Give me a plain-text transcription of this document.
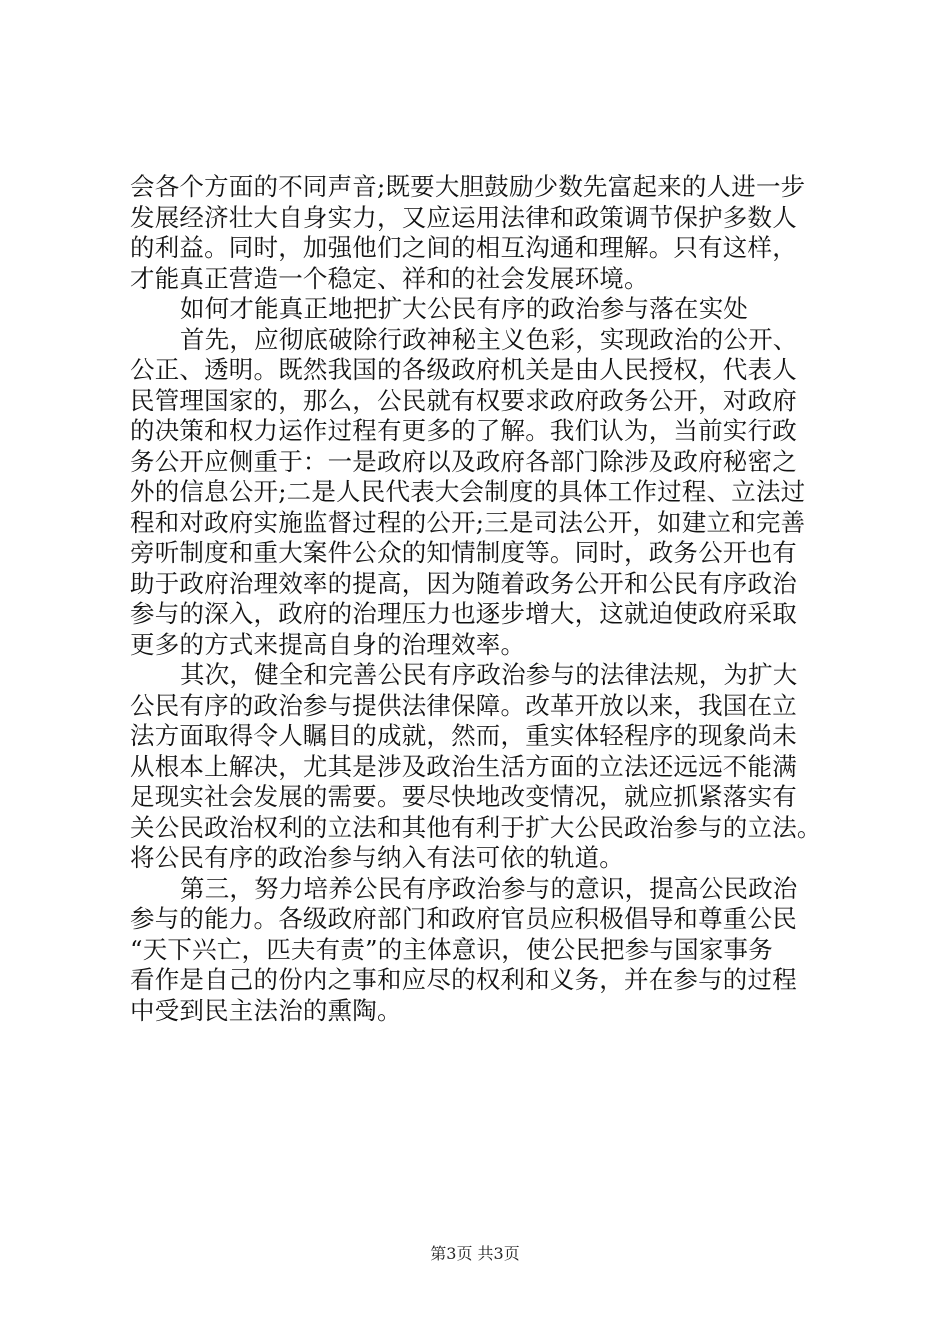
会各个方面的不同声音;既要大胆鼓励少数先富起来的人进一步
发展经济壮大自身实力，又应运用法律和政策调节保护多数人
的利益。同时，加强他们之间的相互沟通和理解。只有这样，
才能真正营造一个稳定、祥和的社会发展环境。
如何才能真正地把扩大公民有序的政治参与落在实处
首先，应彻底破除行政神秘主义色彩，实现政治的公开、
公正、透明。既然我国的各级政府机关是由人民授权，代表人
民管理国家的，那么，公民就有权要求政府政务公开，对政府
的决策和权力运作过程有更多的了解。我们认为，当前实行政
务公开应侧重于：一是政府以及政府各部门除涉及政府秘密之
外的信息公开;二是人民代表大会制度的具体工作过程、立法过
程和对政府实施监督过程的公开;三是司法公开，如建立和完善
旁听制度和重大案件公众的知情制度等。同时，政务公开也有
助于政府治理效率的提高，因为随着政务公开和公民有序政治
参与的深入，政府的治理压力也逐步增大，这就迫使政府采取
更多的方式来提高自身的治理效率。
其次，健全和完善公民有序政治参与的法律法规，为扩大
公民有序的政治参与提供法律保障。改革开放以来，我国在立
法方面取得令人瞩目的成就，然而，重实体轻程序的现象尚未
从根本上解决，尤其是涉及政治生活方面的立法还远远不能满
足现实社会发展的需要。要尽快地改变情况，就应抓紧落实有
关公民政治权利的立法和其他有利于扩大公民政治参与的立法。
将公民有序的政治参与纳入有法可依的轨道。
第三，努力培养公民有序政治参与的意识，提高公民政治
参与的能力。各级政府部门和政府官员应积极倡导和尊重公民
“天下兴亡，匹夫有责”的主体意识，使公民把参与国家事务
看作是自己的份内之事和应尽的权利和义务，并在参与的过程
中受到民主法治的熏陶。
第3页 共3页
